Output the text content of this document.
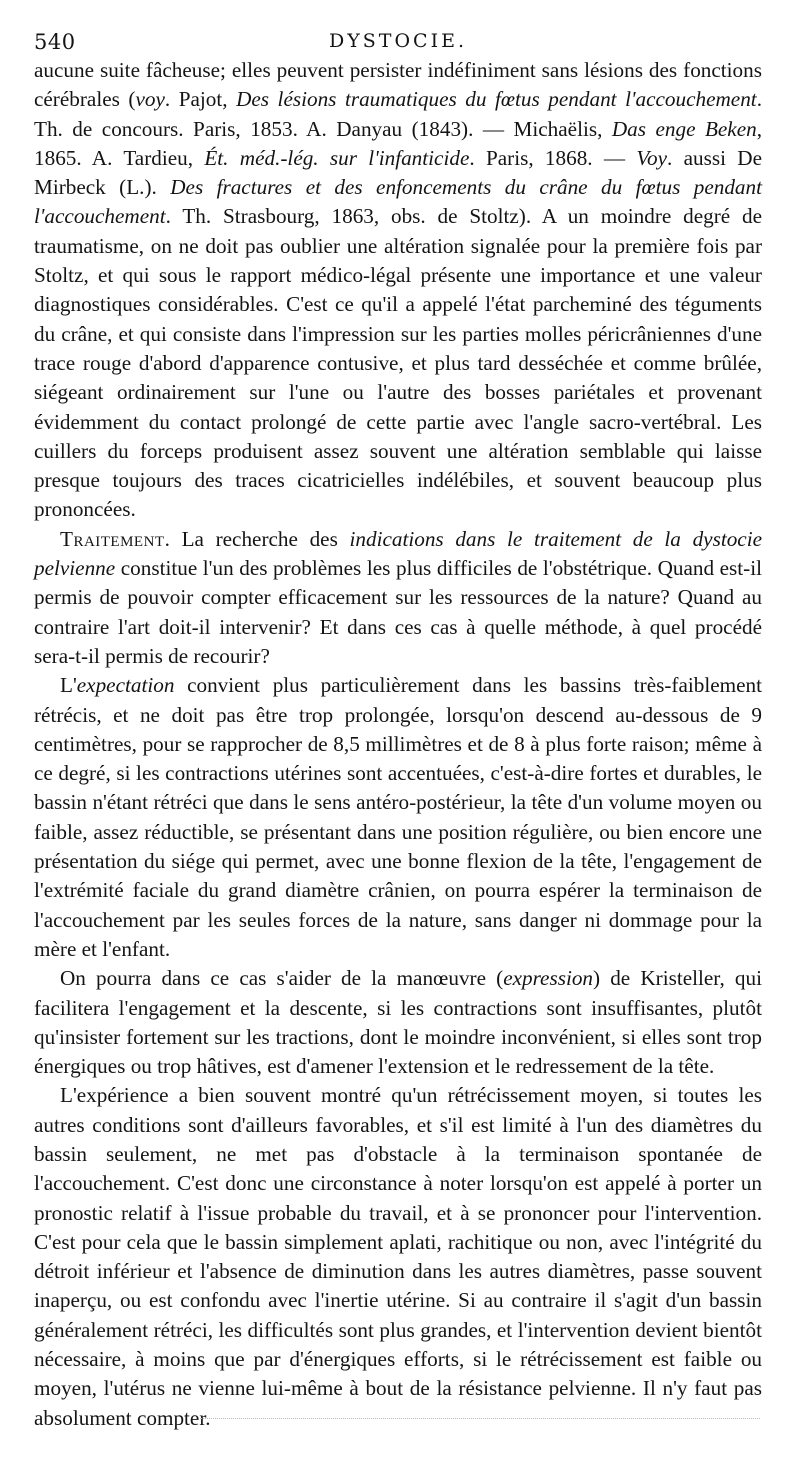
540	DYSTOCIE.

aucune suite fâcheuse; elles peuvent persister indéfiniment sans lésions des fonctions cérébrales (voy. Pajot, Des lésions traumatiques du fœtus pendant l'accouchement. Th. de concours. Paris, 1853. A. Danyau (1843). — Michaëlis, Das enge Beken, 1865. A. Tardieu, Ét. méd.-lég. sur l'infanticide. Paris, 1868. — Voy. aussi De Mirbeck (L.). Des fractures et des enfoncements du crâne du fœtus pendant l'accouchement. Th. Strasbourg, 1863, obs. de Stoltz). A un moindre degré de traumatisme, on ne doit pas oublier une altération signalée pour la première fois par Stoltz, et qui sous le rapport médico-légal présente une importance et une valeur diagnostiques considérables. C'est ce qu'il a appelé l'état parcheminé des téguments du crâne, et qui consiste dans l'impression sur les parties molles péricrâniennes d'une trace rouge d'abord d'apparence contusive, et plus tard desséchée et comme brûlée, siégeant ordinairement sur l'une ou l'autre des bosses pariétales et provenant évidemment du contact prolongé de cette partie avec l'angle sacro-vertébral. Les cuillers du forceps produisent assez souvent une altération semblable qui laisse presque toujours des traces cicatricielles indélébiles, et souvent beaucoup plus prononcées.

Traitement. La recherche des indications dans le traitement de la dystocie pelvienne constitue l'un des problèmes les plus difficiles de l'obstétrique. Quand est-il permis de pouvoir compter efficacement sur les ressources de la nature? Quand au contraire l'art doit-il intervenir? Et dans ces cas à quelle méthode, à quel procédé sera-t-il permis de recourir?

L'expectation convient plus particulièrement dans les bassins très-faiblement rétrécis, et ne doit pas être trop prolongée, lorsqu'on descend au-dessous de 9 centimètres, pour se rapprocher de 8,5 millimètres et de 8 à plus forte raison; même à ce degré, si les contractions utérines sont accentuées, c'est-à-dire fortes et durables, le bassin n'étant rétréci que dans le sens antéro-postérieur, la tête d'un volume moyen ou faible, assez réductible, se présentant dans une position régulière, ou bien encore une présentation du siége qui permet, avec une bonne flexion de la tête, l'engagement de l'extrémité faciale du grand diamètre crânien, on pourra espérer la terminaison de l'accouchement par les seules forces de la nature, sans danger ni dommage pour la mère et l'enfant.

On pourra dans ce cas s'aider de la manœuvre (expression) de Kristeller, qui facilitera l'engagement et la descente, si les contractions sont insuffisantes, plutôt qu'insister fortement sur les tractions, dont le moindre inconvénient, si elles sont trop énergiques ou trop hâtives, est d'amener l'extension et le redressement de la tête.

L'expérience a bien souvent montré qu'un rétrécissement moyen, si toutes les autres conditions sont d'ailleurs favorables, et s'il est limité à l'un des diamètres du bassin seulement, ne met pas d'obstacle à la terminaison spontanée de l'accouchement. C'est donc une circonstance à noter lorsqu'on est appelé à porter un pronostic relatif à l'issue probable du travail, et à se prononcer pour l'intervention. C'est pour cela que le bassin simplement aplati, rachitique ou non, avec l'intégrité du détroit inférieur et l'absence de diminution dans les autres diamètres, passe souvent inaperçu, ou est confondu avec l'inertie utérine. Si au contraire il s'agit d'un bassin généralement rétréci, les difficultés sont plus grandes, et l'intervention devient bientôt nécessaire, à moins que par d'énergiques efforts, si le rétrécissement est faible ou moyen, l'utérus ne vienne lui-même à bout de la résistance pelvienne. Il n'y faut pas absolument compter.
